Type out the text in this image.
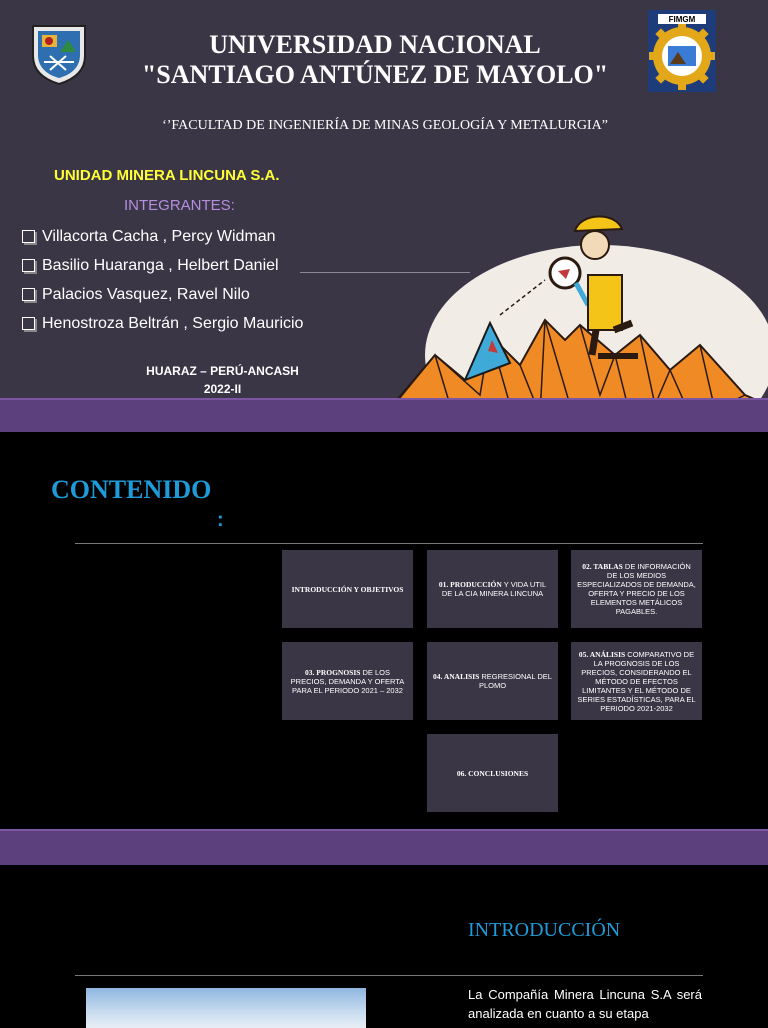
UNIVERSIDAD NACIONAL
"SANTIAGO ANTÚNEZ DE MAYOLO"
FIMGM
‘’FACULTAD DE INGENIERÍA DE MINAS GEOLOGÍA Y METALURGIA”
UNIDAD MINERA LINCUNA S.A.
INTEGRANTES:
Villacorta Cacha , Percy Widman
Basilio Huaranga , Helbert Daniel
Palacios Vasquez, Ravel Nilo
Henostroza Beltrán , Sergio Mauricio
HUARAZ – PERÚ-ANCASH
2022-II
CONTENIDO
:
INTRODUCCIÓN Y OBJETIVOS	01. PRODUCCIÓN Y VIDA UTIL DE LA CIA MINERA LINCUNA
02. TABLAS DE INFORMACIÓN DE LOS MEDIOS ESPECIALIZADOS DE DEMANDA, OFERTA Y PRECIO DE LOS ELEMENTOS METÁLICOS PAGABLES.
03. PROGNOSIS DE LOS PRECIOS, DEMANDA Y OFERTA PARA EL PERIODO 2021 – 2032
04. ANALISIS REGRESIONAL DEL PLOMO
05. ANÁLISIS COMPARATIVO DE LA PROGNOSIS DE LOS PRECIOS, CONSIDERANDO EL MÉTODO DE EFECTOS LIMITANTES Y EL MÉTODO DE SERIES ESTADÍSTICAS, PARA EL PERIODO 2021-2032
06. CONCLUSIONES
INTRODUCCIÓN
La Compañía Minera Lincuna S.A será analizada en cuanto a su etapa
